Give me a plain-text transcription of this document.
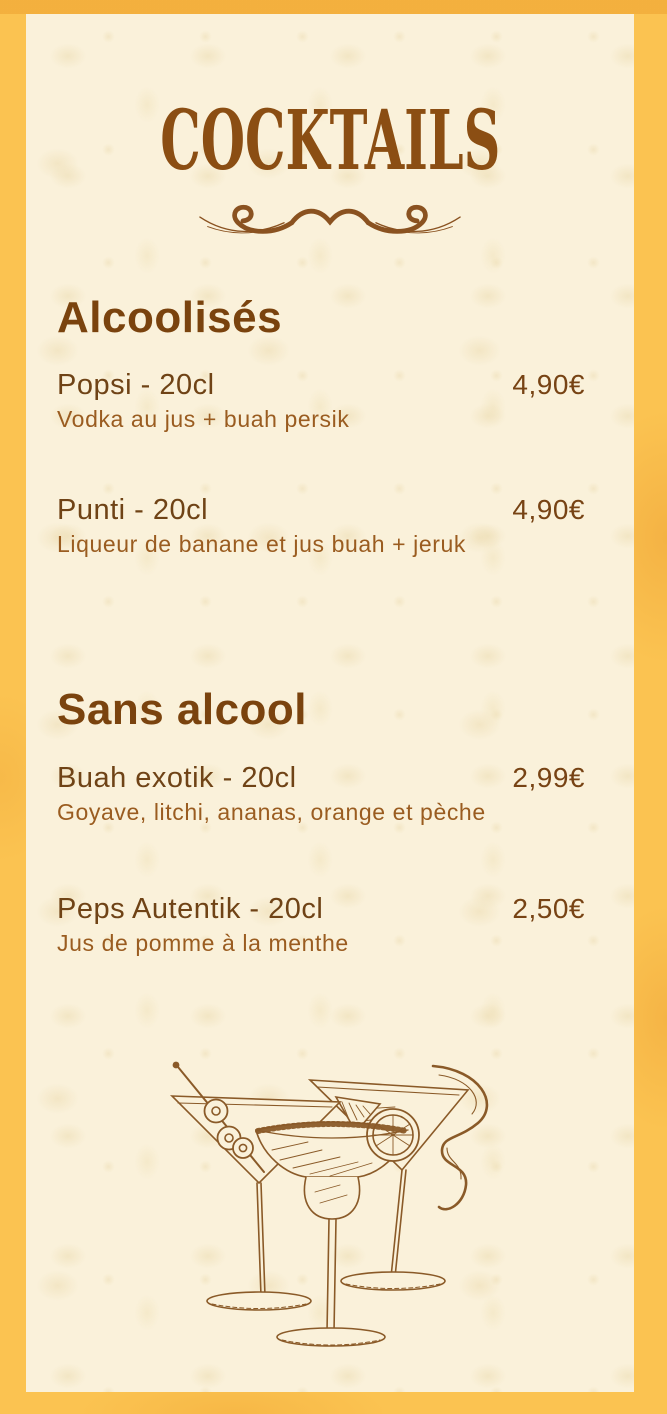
COCKTAILS
Alcoolisés
Popsi - 20cl	4,90€
Vodka au jus + buah persik
Punti - 20cl	4,90€
Liqueur de banane et jus buah + jeruk
Sans alcool
Buah exotik - 20cl	2,99€
Goyave, litchi, ananas, orange et pèche
Peps Autentik - 20cl	2,50€
Jus de pomme à la menthe
